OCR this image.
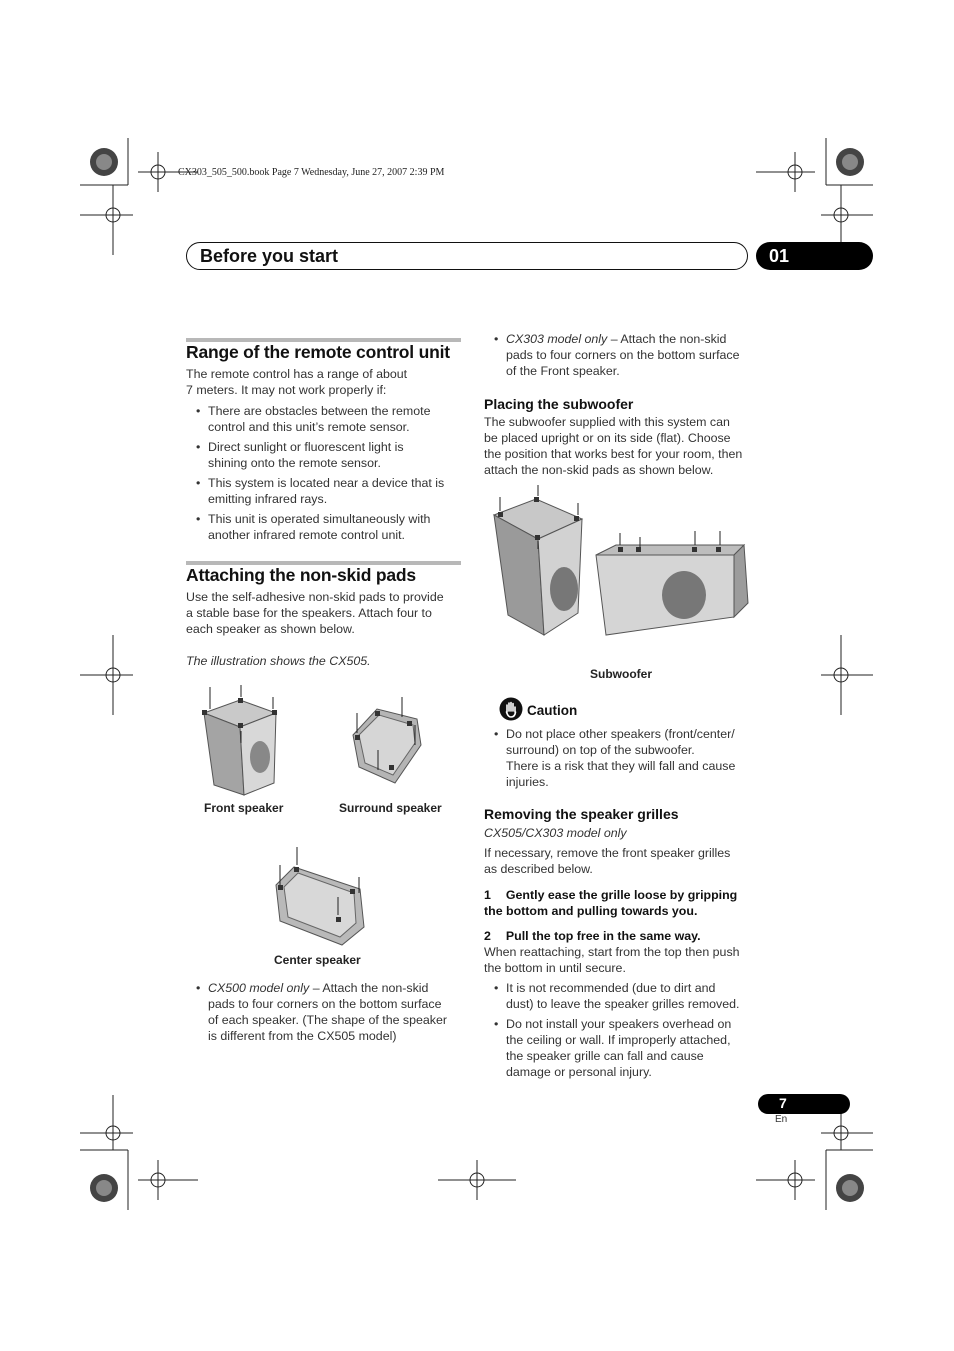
CX303_505_500.book Page 7 Wednesday, June 27, 2007 2:39 PM
Before you start	01
Range of the remote control unit
The remote control has a range of about
7 meters. It may not work properly if:
• There are obstacles between the remote
control and this unit’s remote sensor.
• Direct sunlight or fluorescent light is
shining onto the remote sensor.
• This system is located near a device that is
emitting infrared rays.
• This unit is operated simultaneously with
another infrared remote control unit.
Attaching the non-skid pads
Use the self-adhesive non-skid pads to provide
a stable base for the speakers. Attach four to
each speaker as shown below.
The illustration shows the CX505.
Front speaker	Surround speaker
Center speaker
• CX500 model only – Attach the non-skid
pads to four corners on the bottom surface
of each speaker. (The shape of the speaker
is different from the CX505 model)
• CX303 model only – Attach the non-skid
pads to four corners on the bottom surface
of the Front speaker.
Placing the subwoofer
The subwoofer supplied with this system can
be placed upright or on its side (flat). Choose
the position that works best for your room, then
attach the non-skid pads as shown below.
Subwoofer
Caution
• Do not place other speakers (front/center/
surround) on top of the subwoofer.
There is a risk that they will fall and cause
injuries.
Removing the speaker grilles
CX505/CX303 model only
If necessary, remove the front speaker grilles
as described below.
1 Gently ease the grille loose by gripping
the bottom and pulling towards you.
2 Pull the top free in the same way.
When reattaching, start from the top then push
the bottom in until secure.
• It is not recommended (due to dirt and
dust) to leave the speaker grilles removed.
• Do not install your speakers overhead on
the ceiling or wall. If improperly attached,
the speaker grille can fall and cause
damage or personal injury.
7
En
